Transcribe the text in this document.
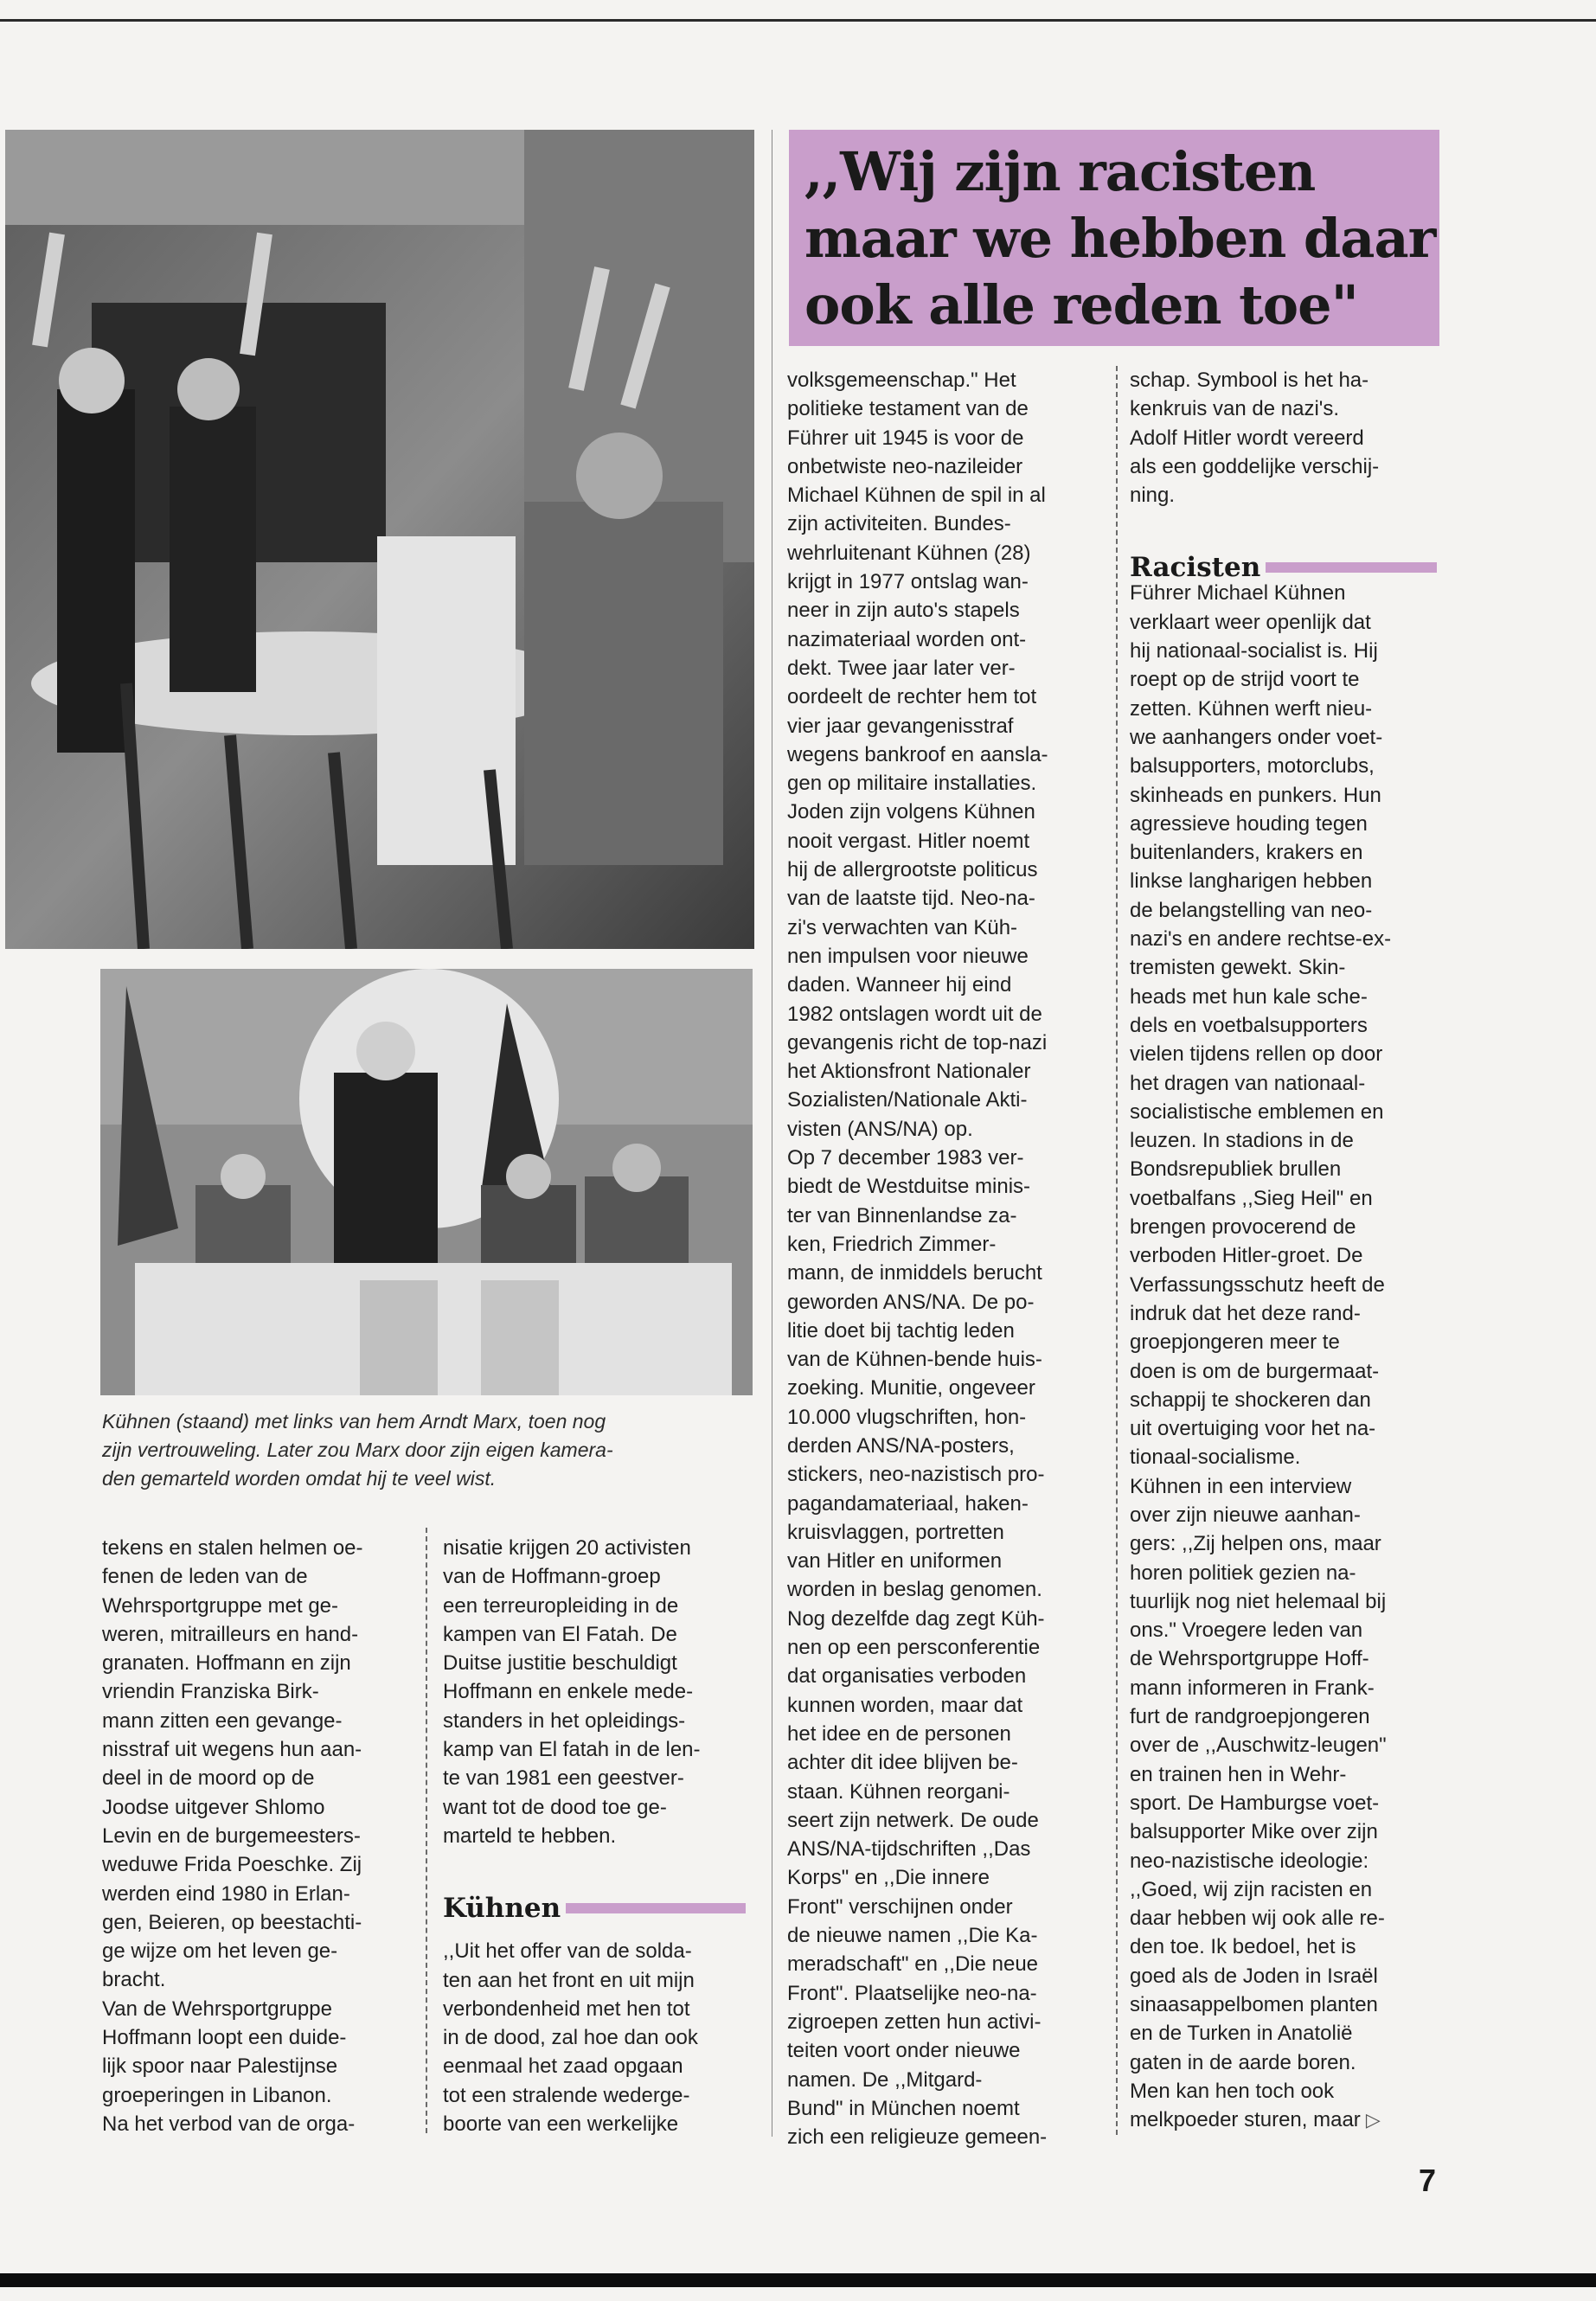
Kühnen (staand) met links van hem Arndt Marx, toen nog

zijn vertrouweling. Later zou Marx door zijn eigen kamera-

den gemarteld worden omdat hij te veel wist.

,,Wij zijn racisten
maar we hebben daar
ook alle reden toe"
tekens en stalen helmen oe-
fenen de leden van de
Wehrsportgruppe met ge-
weren, mitrailleurs en hand-
granaten. Hoffmann en zijn
vriendin Franziska Birk-
mann zitten een gevange-
nisstraf uit wegens hun aan-
deel in de moord op de
Joodse uitgever Shlomo
Levin en de burgemeesters-
weduwe Frida Poeschke. Zij
werden eind 1980 in Erlan-
gen, Beieren, op beestachti-
ge wijze om het leven ge-
bracht.
Van de Wehrsportgruppe
Hoffmann loopt een duide-
lijk spoor naar Palestijnse
groeperingen in Libanon.
Na het verbod van de orga-
nisatie krijgen 20 activisten
van de Hoffmann-groep
een terreuropleiding in de
kampen van El Fatah. De
Duitse justitie beschuldigt
Hoffmann en enkele mede-
standers in het opleidings-
kamp van El fatah in de len-
te van 1981 een geestver-
want tot de dood toe ge-
marteld te hebben.
,,Uit het offer van de solda-
ten aan het front en uit mijn
verbondenheid met hen tot
in de dood, zal hoe dan ook
eenmaal het zaad opgaan
tot een stralende wederge-
boorte van een werkelijke
Kühnen
volksgemeenschap." Het
politieke testament van de
Führer uit 1945 is voor de
onbetwiste neo-nazileider
Michael Kühnen de spil in al
zijn activiteiten. Bundes-
wehrluitenant Kühnen (28)
krijgt in 1977 ontslag wan-
neer in zijn auto's stapels
nazimateriaal worden ont-
dekt. Twee jaar later ver-
oordeelt de rechter hem tot
vier jaar gevangenisstraf
wegens bankroof en aansla-
gen op militaire installaties.
Joden zijn volgens Kühnen
nooit vergast. Hitler noemt
hij de allergrootste politicus
van de laatste tijd. Neo-na-
zi's verwachten van Küh-
nen impulsen voor nieuwe
daden. Wanneer hij eind
1982 ontslagen wordt uit de
gevangenis richt de top-nazi
het Aktionsfront Nationaler
Sozialisten/Nationale Akti-
visten (ANS/NA) op.
Op 7 december 1983 ver-
biedt de Westduitse minis-
ter van Binnenlandse za-
ken, Friedrich Zimmer-
mann, de inmiddels berucht
geworden ANS/NA. De po-
litie doet bij tachtig leden
van de Kühnen-bende huis-
zoeking. Munitie, ongeveer
10.000 vlugschriften, hon-
derden ANS/NA-posters,
stickers, neo-nazistisch pro-
pagandamateriaal, haken-
kruisvlaggen, portretten
van Hitler en uniformen
worden in beslag genomen.
Nog dezelfde dag zegt Küh-
nen op een persconferentie
dat organisaties verboden
kunnen worden, maar dat
het idee en de personen
achter dit idee blijven be-
staan. Kühnen reorgani-
seert zijn netwerk. De oude
ANS/NA-tijdschriften ,,Das
Korps" en ,,Die innere
Front" verschijnen onder
de nieuwe namen ,,Die Ka-
meradschaft" en ,,Die neue
Front". Plaatselijke neo-na-
zigroepen zetten hun activi-
teiten voort onder nieuwe
namen. De ,,Mitgard-
Bund" in München noemt
zich een religieuze gemeen-
schap. Symbool is het ha-
kenkruis van de nazi's.
Adolf Hitler wordt vereerd
als een goddelijke verschij-
ning.
Führer Michael Kühnen
verklaart weer openlijk dat
hij nationaal-socialist is. Hij
roept op de strijd voort te
zetten. Kühnen werft nieu-
we aanhangers onder voet-
balsupporters, motorclubs,
skinheads en punkers. Hun
agressieve houding tegen
buitenlanders, krakers en
linkse langharigen hebben
de belangstelling van neo-
nazi's en andere rechtse-ex-
tremisten gewekt. Skin-
heads met hun kale sche-
dels en voetbalsupporters
vielen tijdens rellen op door
het dragen van nationaal-
socialistische emblemen en
leuzen. In stadions in de
Bondsrepubliek brullen
voetbalfans ,,Sieg Heil" en
brengen provocerend de
verboden Hitler-groet. De
Verfassungsschutz heeft de
indruk dat het deze rand-
groepjongeren meer te
doen is om de burgermaat-
schappij te shockeren dan
uit overtuiging voor het na-
tionaal-socialisme.
Kühnen in een interview
over zijn nieuwe aanhan-
gers: ,,Zij helpen ons, maar
horen politiek gezien na-
tuurlijk nog niet helemaal bij
ons." Vroegere leden van
de Wehrsportgruppe Hoff-
mann informeren in Frank-
furt de randgroepjongeren
over de ,,Auschwitz-leugen"
en trainen hen in Wehr-
sport. De Hamburgse voet-
balsupporter Mike over zijn
neo-nazistische ideologie:
,,Goed, wij zijn racisten en
daar hebben wij ook alle re-
den toe. Ik bedoel, het is
goed als de Joden in Israël
sinaasappelbomen planten
en de Turken in Anatolië
gaten in de aarde boren.
Men kan hen toch ook
melkpoeder sturen, maar ▷
Racisten
7
